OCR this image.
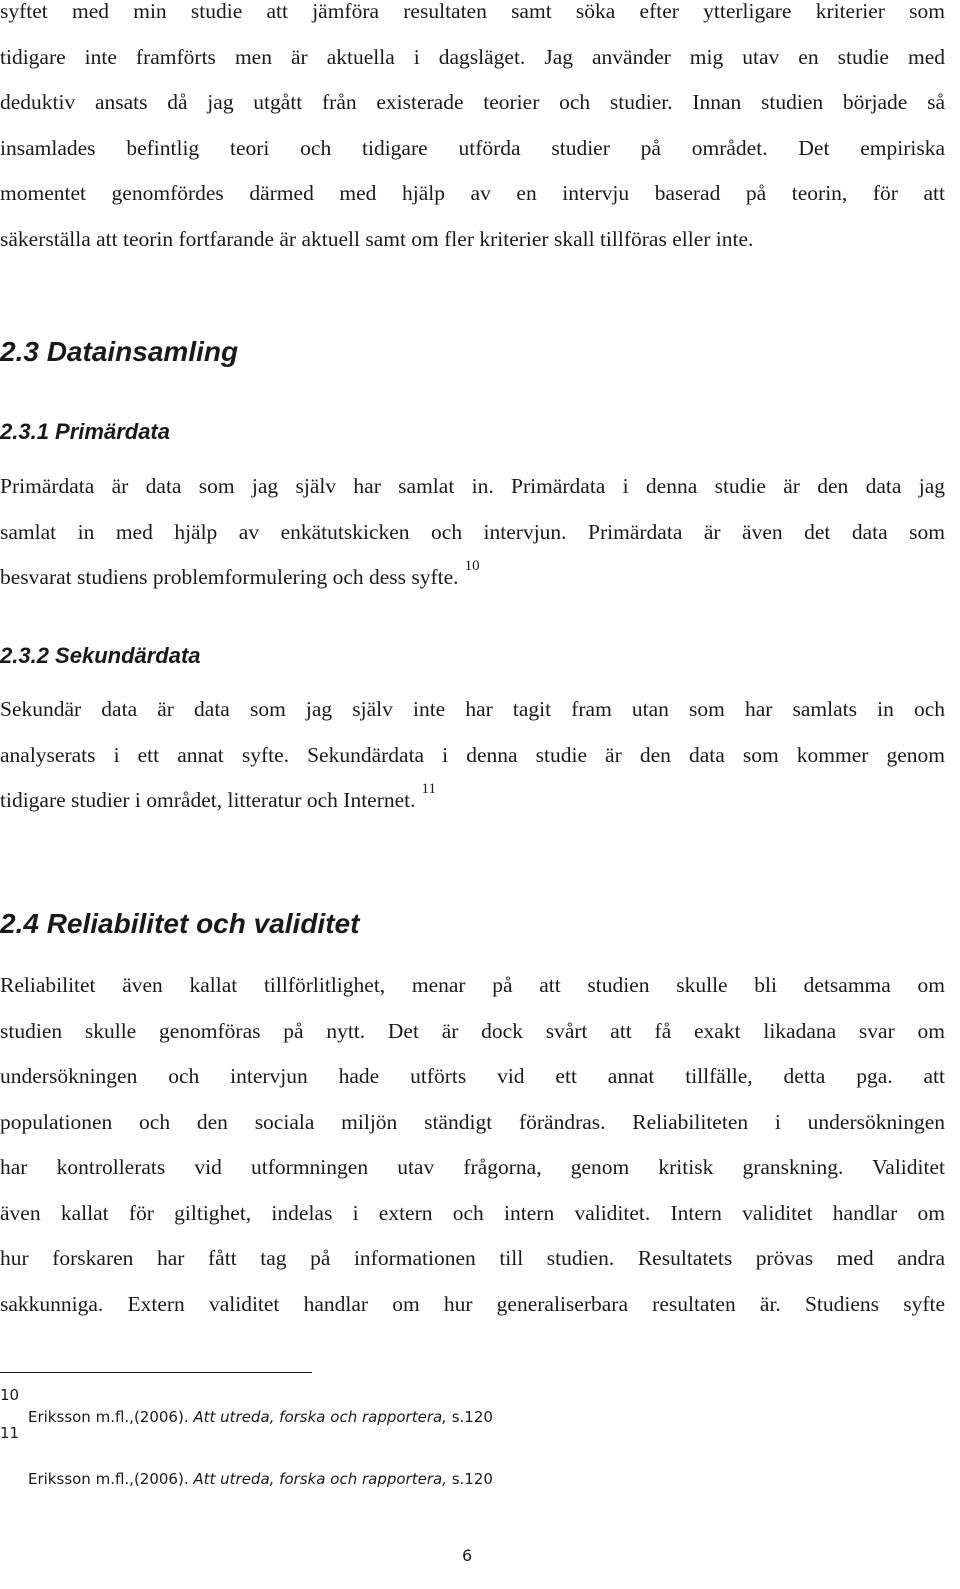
syftet med min studie att jämföra resultaten samt söka efter ytterligare kriterier som
tidigare inte framförts men är aktuella i dagsläget. Jag använder mig utav en studie med
deduktiv ansats då jag utgått från existerade teorier och studier. Innan studien började så
insamlades befintlig teori och tidigare utförda studier på området. Det empiriska
momentet genomfördes därmed med hjälp av en intervju baserad på teorin, för att
säkerställa att teorin fortfarande är aktuell samt om fler kriterier skall tillföras eller inte.
2.3 Datainsamling
2.3.1 Primärdata
Primärdata är data som jag själv har samlat in. Primärdata i denna studie är den data jag
samlat in med hjälp av enkätutskicken och intervjun. Primärdata är även det data som
besvarat studiens problemformulering och dess syfte. $^{10}$
2.3.2 Sekundärdata
Sekundär data är data som jag själv inte har tagit fram utan som har samlats in och
analyserats i ett annat syfte. Sekundärdata i denna studie är den data som kommer genom
tidigare studier i området, litteratur och Internet. $^{11}$
2.4 Reliabilitet och validitet
Reliabilitet även kallat tillförlitlighet, menar på att studien skulle bli detsamma om
studien skulle genomföras på nytt. Det är dock svårt att få exakt likadana svar om
undersökningen och intervjun hade utförts vid ett annat tillfälle, detta pga. att
populationen och den sociala miljön ständigt förändras. Reliabiliteten i undersökningen
har kontrollerats vid utformningen utav frågorna, genom kritisk granskning. Validitet
även kallat för giltighet, indelas i extern och intern validitet. Intern validitet handlar om
hur forskaren har fått tag på informationen till studien. Resultatets prövas med andra
sakkunniga. Extern validitet handlar om hur generaliserbara resultaten är. Studiens syfte
10
Eriksson m.fl.,(2006). Att utreda, forska och rapportera, s.120
11
Eriksson m.fl.,(2006). Att utreda, forska och rapportera, s.120
6
